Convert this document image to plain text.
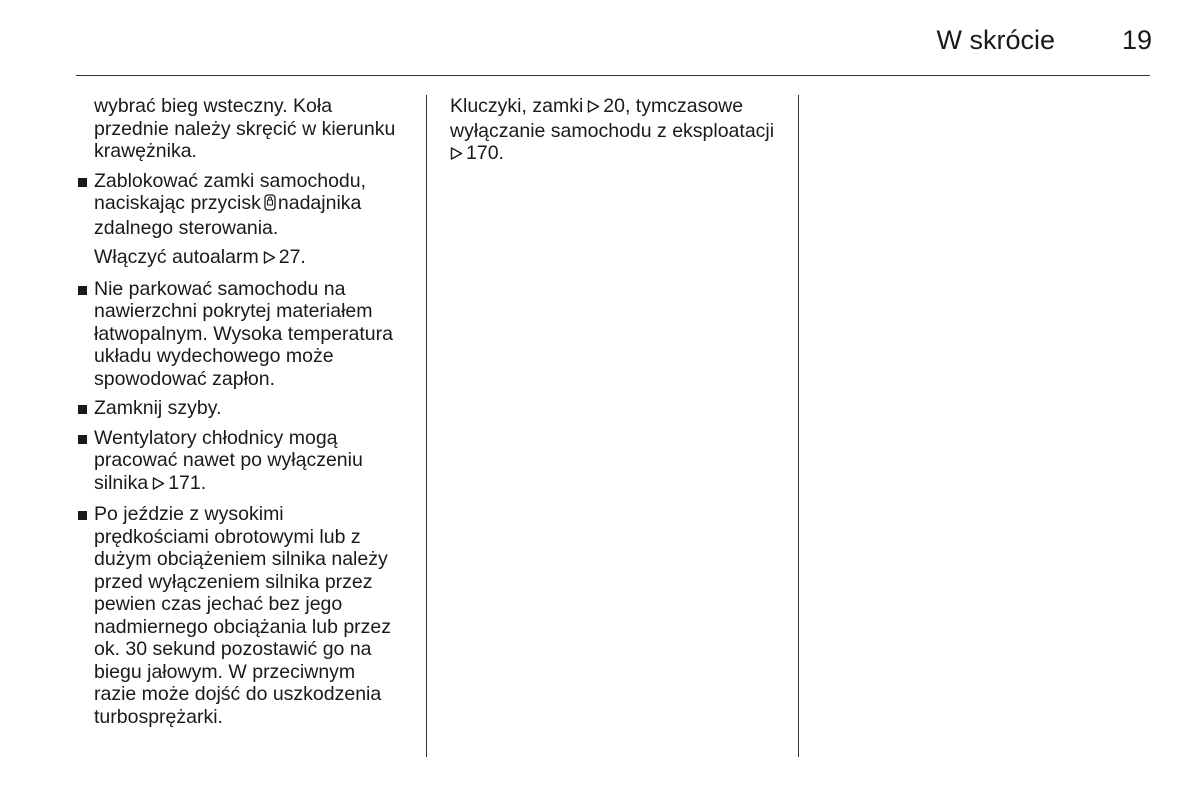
W skrócie 19
wybrać bieg wsteczny. Koła
przednie należy skręcić w kierunku
krawężnika.
Zablokować zamki samochodu,
naciskając przycisk nadajnika
zdalnego sterowania.
Włączyć autoalarm 27.
Nie parkować samochodu na
nawierzchni pokrytej materiałem
łatwopalnym. Wysoka temperatura
układu wydechowego może
spowodować zapłon.
Zamknij szyby.
Wentylatory chłodnicy mogą
pracować nawet po wyłączeniu
silnika 171.
Po jeździe z wysokimi
prędkościami obrotowymi lub z
dużym obciążeniem silnika należy
przed wyłączeniem silnika przez
pewien czas jechać bez jego
nadmiernego obciążania lub przez
ok. 30 sekund pozostawić go na
biegu jałowym. W przeciwnym
razie może dojść do uszkodzenia
turbosprężarki.
Kluczyki, zamki 20, tymczasowe
wyłączanie samochodu z eksploatacji
170.
